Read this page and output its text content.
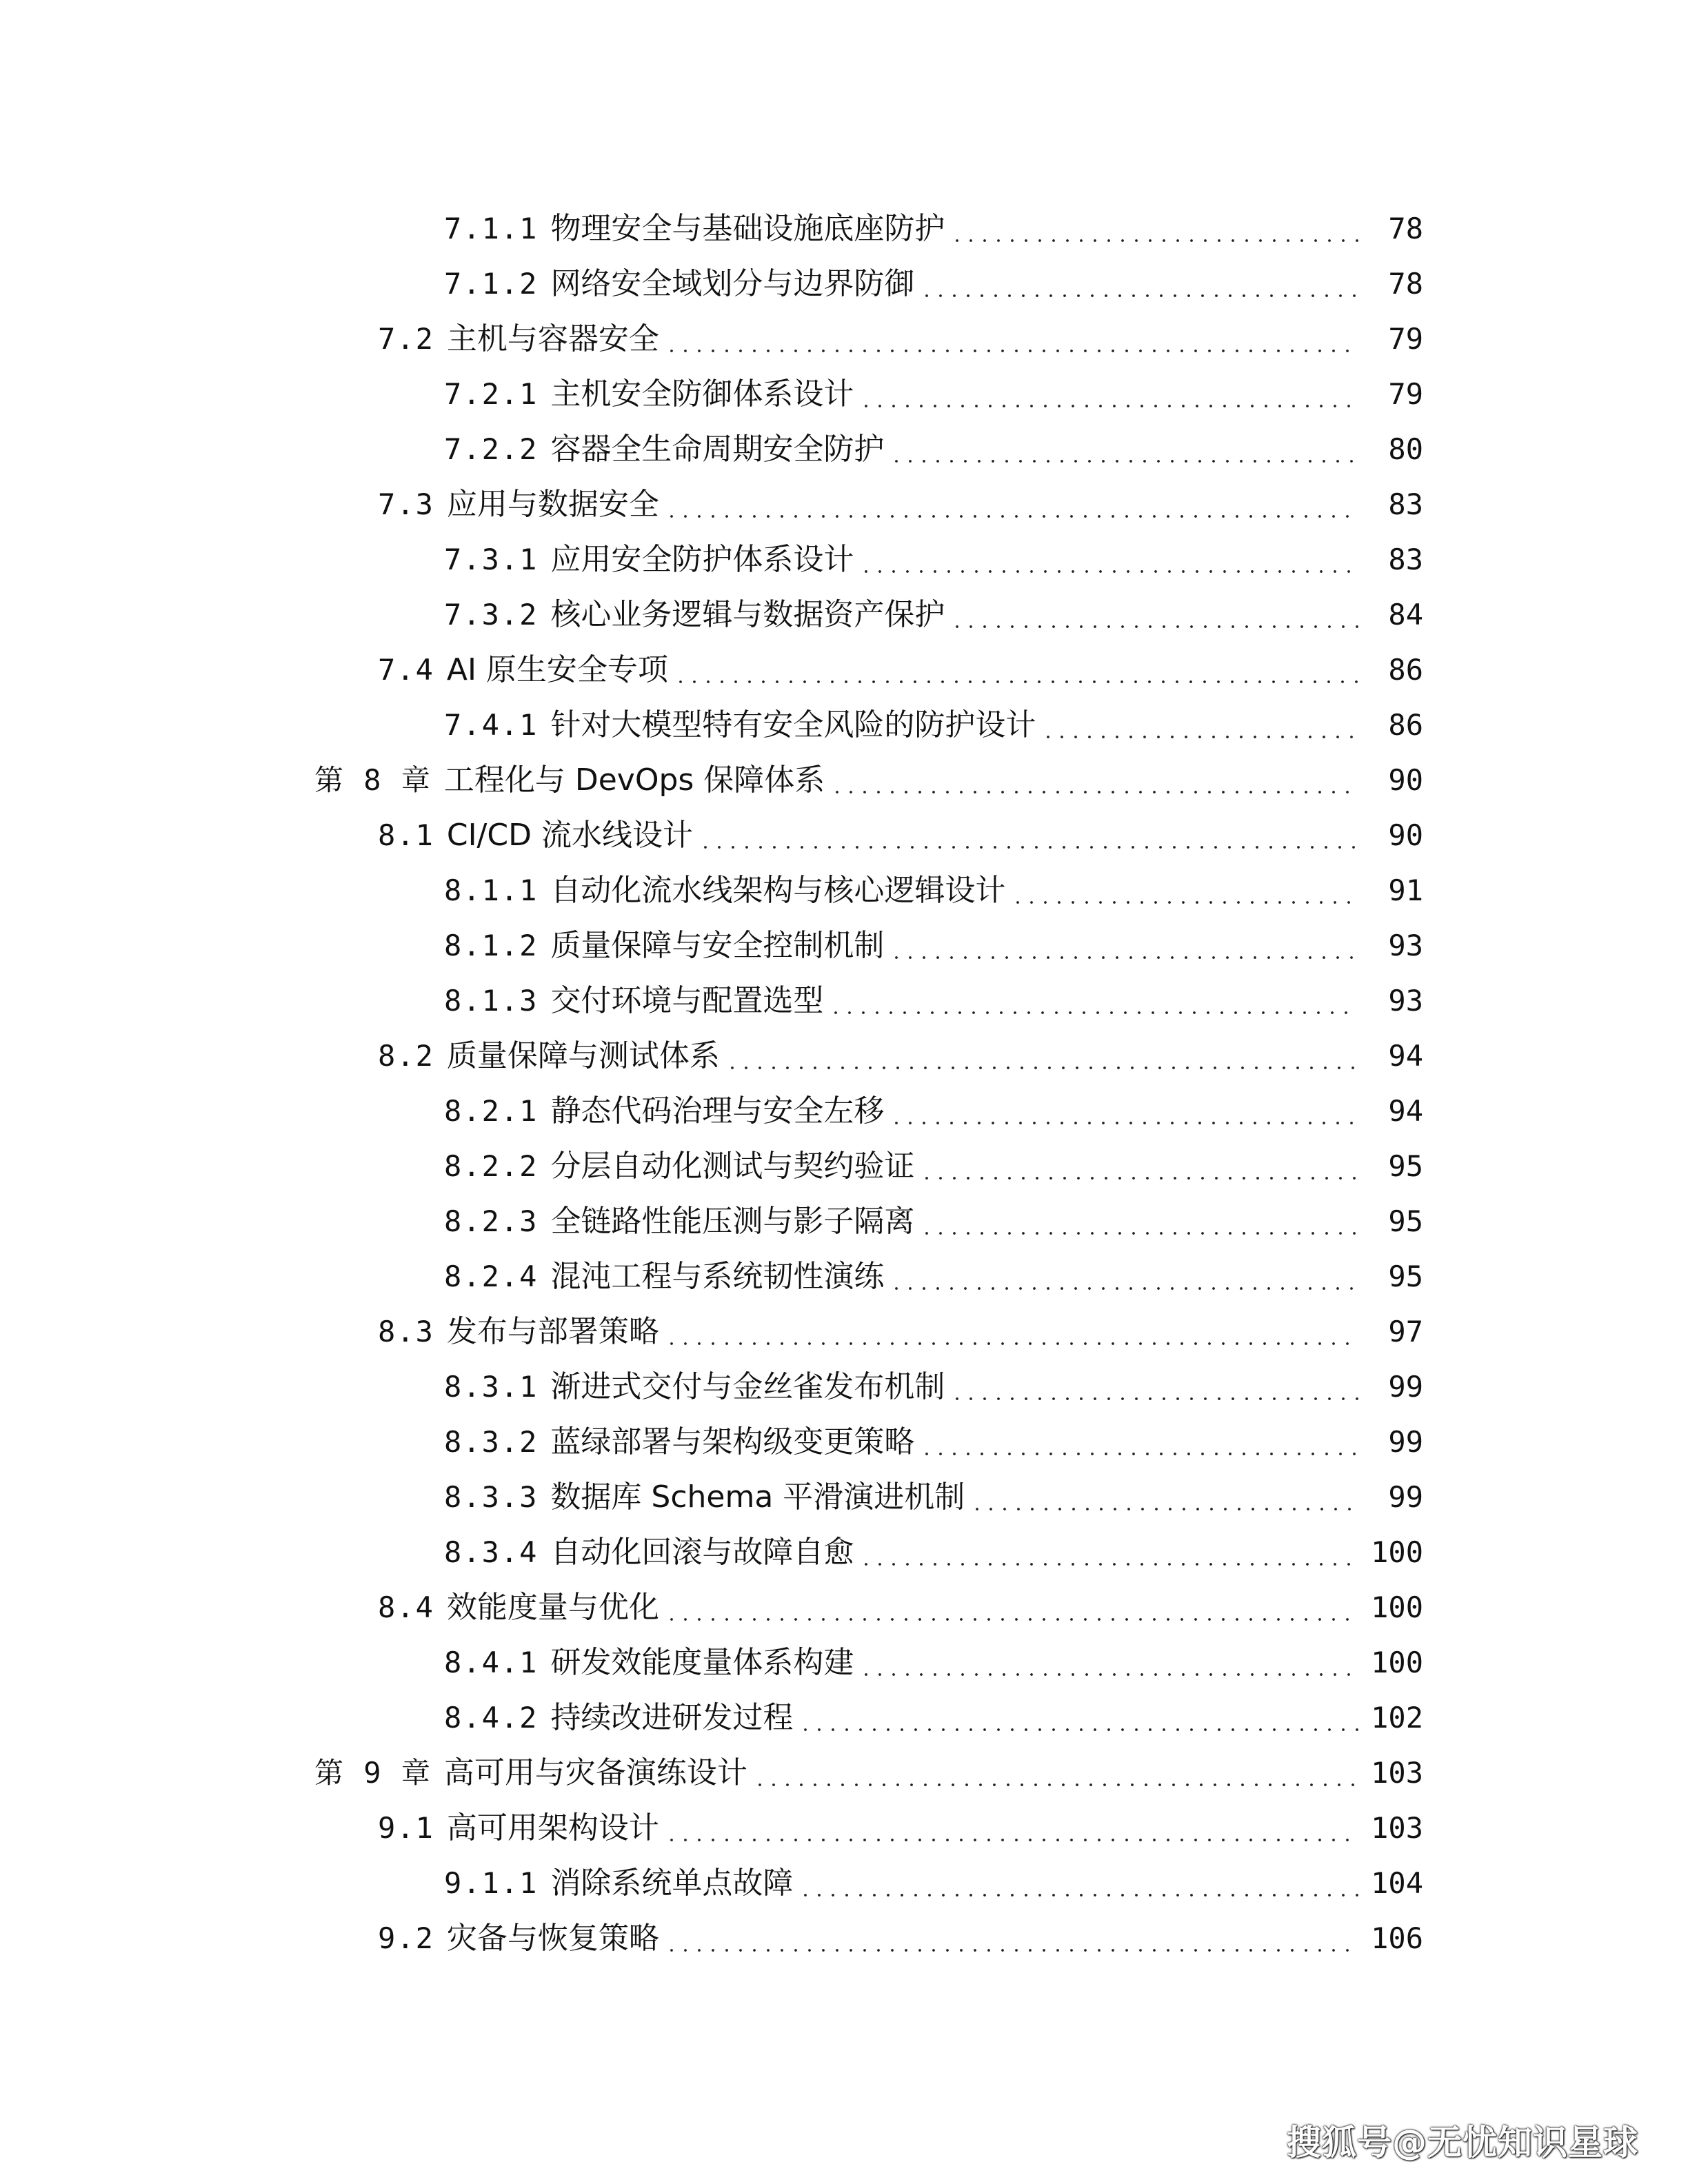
7.1.1 物理安全与基础设施底座防护	78
7.1.2 网络安全域划分与边界防御	78
7.2 主机与容器安全	79
7.2.1 主机安全防御体系设计	79
7.2.2 容器全生命周期安全防护	80
7.3 应用与数据安全	83
7.3.1 应用安全防护体系设计	83
7.3.2 核心业务逻辑与数据资产保护	84
7.4 AI 原生安全专项	86
7.4.1 针对大模型特有安全风险的防护设计	86
第 8 章 工程化与 DevOps 保障体系	90
8.1 CI/CD 流水线设计	90
8.1.1 自动化流水线架构与核心逻辑设计	91
8.1.2 质量保障与安全控制机制	93
8.1.3 交付环境与配置选型	93
8.2 质量保障与测试体系	94
8.2.1 静态代码治理与安全左移	94
8.2.2 分层自动化测试与契约验证	95
8.2.3 全链路性能压测与影子隔离	95
8.2.4 混沌工程与系统韧性演练	95
8.3 发布与部署策略	97
8.3.1 渐进式交付与金丝雀发布机制	99
8.3.2 蓝绿部署与架构级变更策略	99
8.3.3 数据库 Schema 平滑演进机制	99
8.3.4 自动化回滚与故障自愈	100
8.4 效能度量与优化	100
8.4.1 研发效能度量体系构建	100
8.4.2 持续改进研发过程	102
第 9 章 高可用与灾备演练设计	103
9.1 高可用架构设计	103
9.1.1 消除系统单点故障	104
9.2 灾备与恢复策略	106
搜狐号@无忧知识星球
